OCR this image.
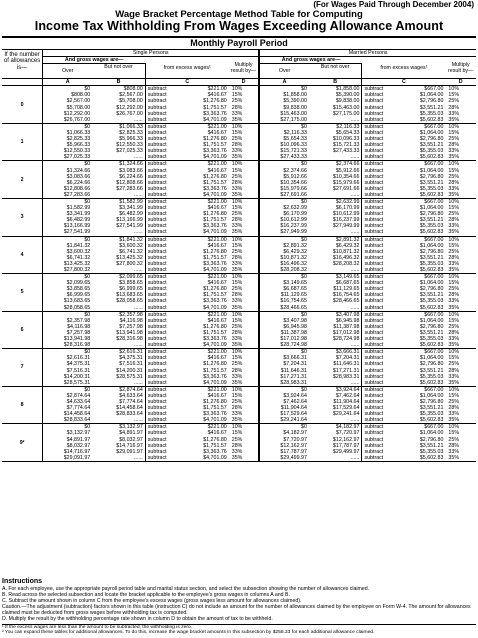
(For Wages Paid Through December 2004)
Wage Bracket Percentage Method Table for Computing
Income Tax Withholding From Wages Exceeding Allowance Amount
Monthly Payroll Period
If the number of allowances is—	Single Persons					Married Persons				
	And gross wages are—		from excess wages¹		Multiply result by—	And gross wages are—		from excess wages¹		Multiply result by—
	Over	But not over				Over	But not over			
	A	B	C		D	A	B	C		D
0	$0	$808.00	subtract	$221.00	10%	$0	$1,858.00	subtract	$667.00	10%
	$808.00	$2,567.00	subtract	$416.67	15%	$1,858.00	$5,390.00	subtract	$1,064.00	15%
	$2,567.00	$5,708.00	subtract	$1,276.80	25%	$5,390.00	$9,838.00	subtract	$2,796.80	25%
	$5,708.00	$12,292.00	subtract	$1,751.57	28%	$9,838.00	$15,463.00	subtract	$3,551.21	28%
	$12,292.00	$26,767.00	subtract	$3,363.76	33%	$15,463.00	$27,175.00	subtract	$5,355.03	33%
	$26,767.00	......	subtract	$4,701.09	35%	$27,175.00	......	subtract	$5,602.83	35%
1	$0	$1,066.33	subtract	$221.00	10%	$0	$2,116.33	subtract	$667.00	10%
	$1,066.33	$2,825.33	subtract	$416.67	15%	$2,116.33	$5,654.33	subtract	$1,064.00	15%
	$2,825.33	$5,966.33	subtract	$1,276.80	25%	$5,654.33	$10,096.33	subtract	$2,796.80	25%
	$5,966.33	$12,550.33	subtract	$1,751.57	28%	$10,096.33	$15,721.33	subtract	$3,551.21	28%
	$12,550.33	$27,025.33	subtract	$3,363.76	33%	$15,721.33	$27,433.33	subtract	$5,355.03	33%
	$27,025.33	......	subtract	$4,701.09	35%	$27,433.33	......	subtract	$5,602.83	35%
2	$0	$1,324.66	subtract	$221.00	10%	$0	$2,374.66	subtract	$667.00	10%
	$1,324.66	$3,083.66	subtract	$416.67	15%	$2,374.66	$5,912.66	subtract	$1,064.00	15%
	$3,083.66	$6,224.66	subtract	$1,276.80	25%	$5,912.66	$10,354.66	subtract	$2,796.80	25%
	$6,224.66	$12,808.66	subtract	$1,751.57	28%	$10,354.66	$15,979.66	subtract	$3,551.21	28%
	$12,808.66	$27,283.66	subtract	$3,363.76	33%	$15,979.66	$27,691.66	subtract	$5,355.03	33%
	$27,283.66	......	subtract	$4,701.09	35%	$27,691.66	......	subtract	$5,602.83	35%
3	$0	$1,582.99	subtract	$221.00	10%	$0	$2,632.99	subtract	$667.00	10%
	$1,582.99	$3,341.99	subtract	$416.67	15%	$2,632.99	$6,170.99	subtract	$1,064.00	15%
	$3,341.99	$6,482.99	subtract	$1,276.80	25%	$6,170.99	$10,612.99	subtract	$2,796.80	25%
	$6,482.99	$13,166.99	subtract	$1,751.57	28%	$10,612.99	$16,237.99	subtract	$3,551.21	28%
	$13,166.99	$27,541.99	subtract	$3,363.76	33%	$16,237.99	$27,949.99	subtract	$5,355.03	33%
	$27,541.99	......	subtract	$4,701.09	35%	$27,949.99	......	subtract	$5,602.83	35%
4	$0	$1,841.32	subtract	$221.00	10%	$0	$2,891.32	subtract	$667.00	10%
	$1,841.32	$3,600.32	subtract	$416.67	15%	$2,891.32	$6,429.32	subtract	$1,064.00	15%
	$3,600.32	$6,741.32	subtract	$1,276.80	25%	$6,429.32	$10,871.32	subtract	$2,796.80	25%
	$6,741.32	$13,425.32	subtract	$1,751.57	28%	$10,871.32	$16,496.32	subtract	$3,551.21	28%
	$13,425.32	$27,800.32	subtract	$3,363.76	33%	$16,496.32	$28,208.32	subtract	$5,355.03	33%
	$27,800.32	......	subtract	$4,701.09	35%	$28,208.32	......	subtract	$5,602.83	35%
5	$0	$2,099.65	subtract	$221.00	10%	$0	$3,149.65	subtract	$667.00	10%
	$2,099.65	$3,858.65	subtract	$416.67	15%	$3,149.65	$6,687.65	subtract	$1,064.00	15%
	$3,858.65	$6,999.65	subtract	$1,276.80	25%	$6,687.65	$11,129.65	subtract	$2,796.80	25%
	$6,999.65	$13,683.65	subtract	$1,751.57	28%	$11,129.65	$16,754.65	subtract	$3,551.21	28%
	$13,683.65	$28,058.65	subtract	$3,363.76	33%	$16,754.65	$28,466.65	subtract	$5,355.03	33%
	$28,058.65	......	subtract	$4,701.09	35%	$28,466.65	......	subtract	$5,602.83	35%
6	$0	$2,357.98	subtract	$221.00	10%	$0	$3,407.98	subtract	$667.00	10%
	$2,357.98	$4,116.98	subtract	$416.67	15%	$3,407.98	$6,945.98	subtract	$1,064.00	15%
	$4,116.98	$7,257.98	subtract	$1,276.80	25%	$6,945.98	$11,387.98	subtract	$2,796.80	25%
	$7,257.98	$13,941.98	subtract	$1,751.57	28%	$11,387.98	$17,012.98	subtract	$3,551.21	28%
	$13,941.98	$28,316.98	subtract	$3,363.76	33%	$17,012.98	$28,724.98	subtract	$5,355.03	33%
	$28,316.98	......	subtract	$4,701.09	35%	$28,724.98	......	subtract	$5,602.83	35%
7	$0	$2,616.31	subtract	$221.00	10%	$0	$3,666.31	subtract	$667.00	10%
	$2,616.31	$4,375.31	subtract	$416.67	15%	$3,666.31	$7,204.31	subtract	$1,064.00	15%
	$4,375.31	$7,516.31	subtract	$1,276.80	25%	$7,204.31	$11,646.31	subtract	$2,796.80	25%
	$7,516.31	$14,200.31	subtract	$1,751.57	28%	$11,646.31	$17,271.31	subtract	$3,551.21	28%
	$14,200.31	$28,575.31	subtract	$3,363.76	33%	$17,271.31	$28,983.31	subtract	$5,355.03	33%
	$28,575.31	......	subtract	$4,701.09	35%	$28,983.31	......	subtract	$5,602.83	35%
8	$0	$2,874.64	subtract	$221.00	10%	$0	$3,924.64	subtract	$667.00	10%
	$2,874.64	$4,633.64	subtract	$416.67	15%	$3,924.64	$7,462.64	subtract	$1,064.00	15%
	$4,633.64	$7,774.64	subtract	$1,276.80	25%	$7,462.64	$11,904.64	subtract	$2,796.80	25%
	$7,774.64	$14,458.64	subtract	$1,751.57	28%	$11,904.64	$17,529.64	subtract	$3,551.21	28%
	$14,458.64	$28,833.64	subtract	$3,363.76	33%	$17,529.64	$29,241.64	subtract	$5,355.03	33%
	$28,833.64	......	subtract	$4,701.09	35%	$29,241.64	......	subtract	$5,602.83	35%
9²	$0	$3,132.97	subtract	$221.00	10%	$0	$4,182.97	subtract	$667.00	10%
	$3,132.97	$4,891.97	subtract	$416.67	15%	$4,182.97	$7,720.97	subtract	$1,064.00	15%
	$4,891.97	$8,032.97	subtract	$1,276.80	25%	$7,720.97	$12,162.97	subtract	$2,796.80	25%
	$8,032.97	$14,716.97	subtract	$1,751.57	28%	$12,162.97	$17,787.97	subtract	$3,551.21	28%
	$14,716.97	$29,091.97	subtract	$3,363.76	33%	$17,787.97	$29,499.97	subtract	$5,355.03	33%
	$29,091.97	......	subtract	$4,701.09	35%	$29,499.97	......	subtract	$5,602.83	35%
Instructions
A. For each employee, use the appropriate payroll period table and marital status section, and select the subsection showing the number of allowances claimed.
B. Read across the selected subsection and locate the bracket applicable to the employee's gross wages in columns A and B.
C. Subtract the amount shown in column C from the employee's excess wages (gross wages less amount for allowances claimed).
Caution.—The adjustment (subtraction) factors shown in this table (instruction C) do not include an amount for the number of allowances claimed by the employee on Form W-4. The amount for allowances claimed must be deducted from gross wages before withholding tax is computed.
D. Multiply the result by the withholding percentage rate shown in column D to obtain the amount of tax to be withheld.
¹ If the excess wages are less than the amount to be subtracted, the withholding is zero.
² You can expand these tables for additional allowances. To do this, increase the wage bracket amounts in this subsection by $258.33 for each additional allowance claimed.
